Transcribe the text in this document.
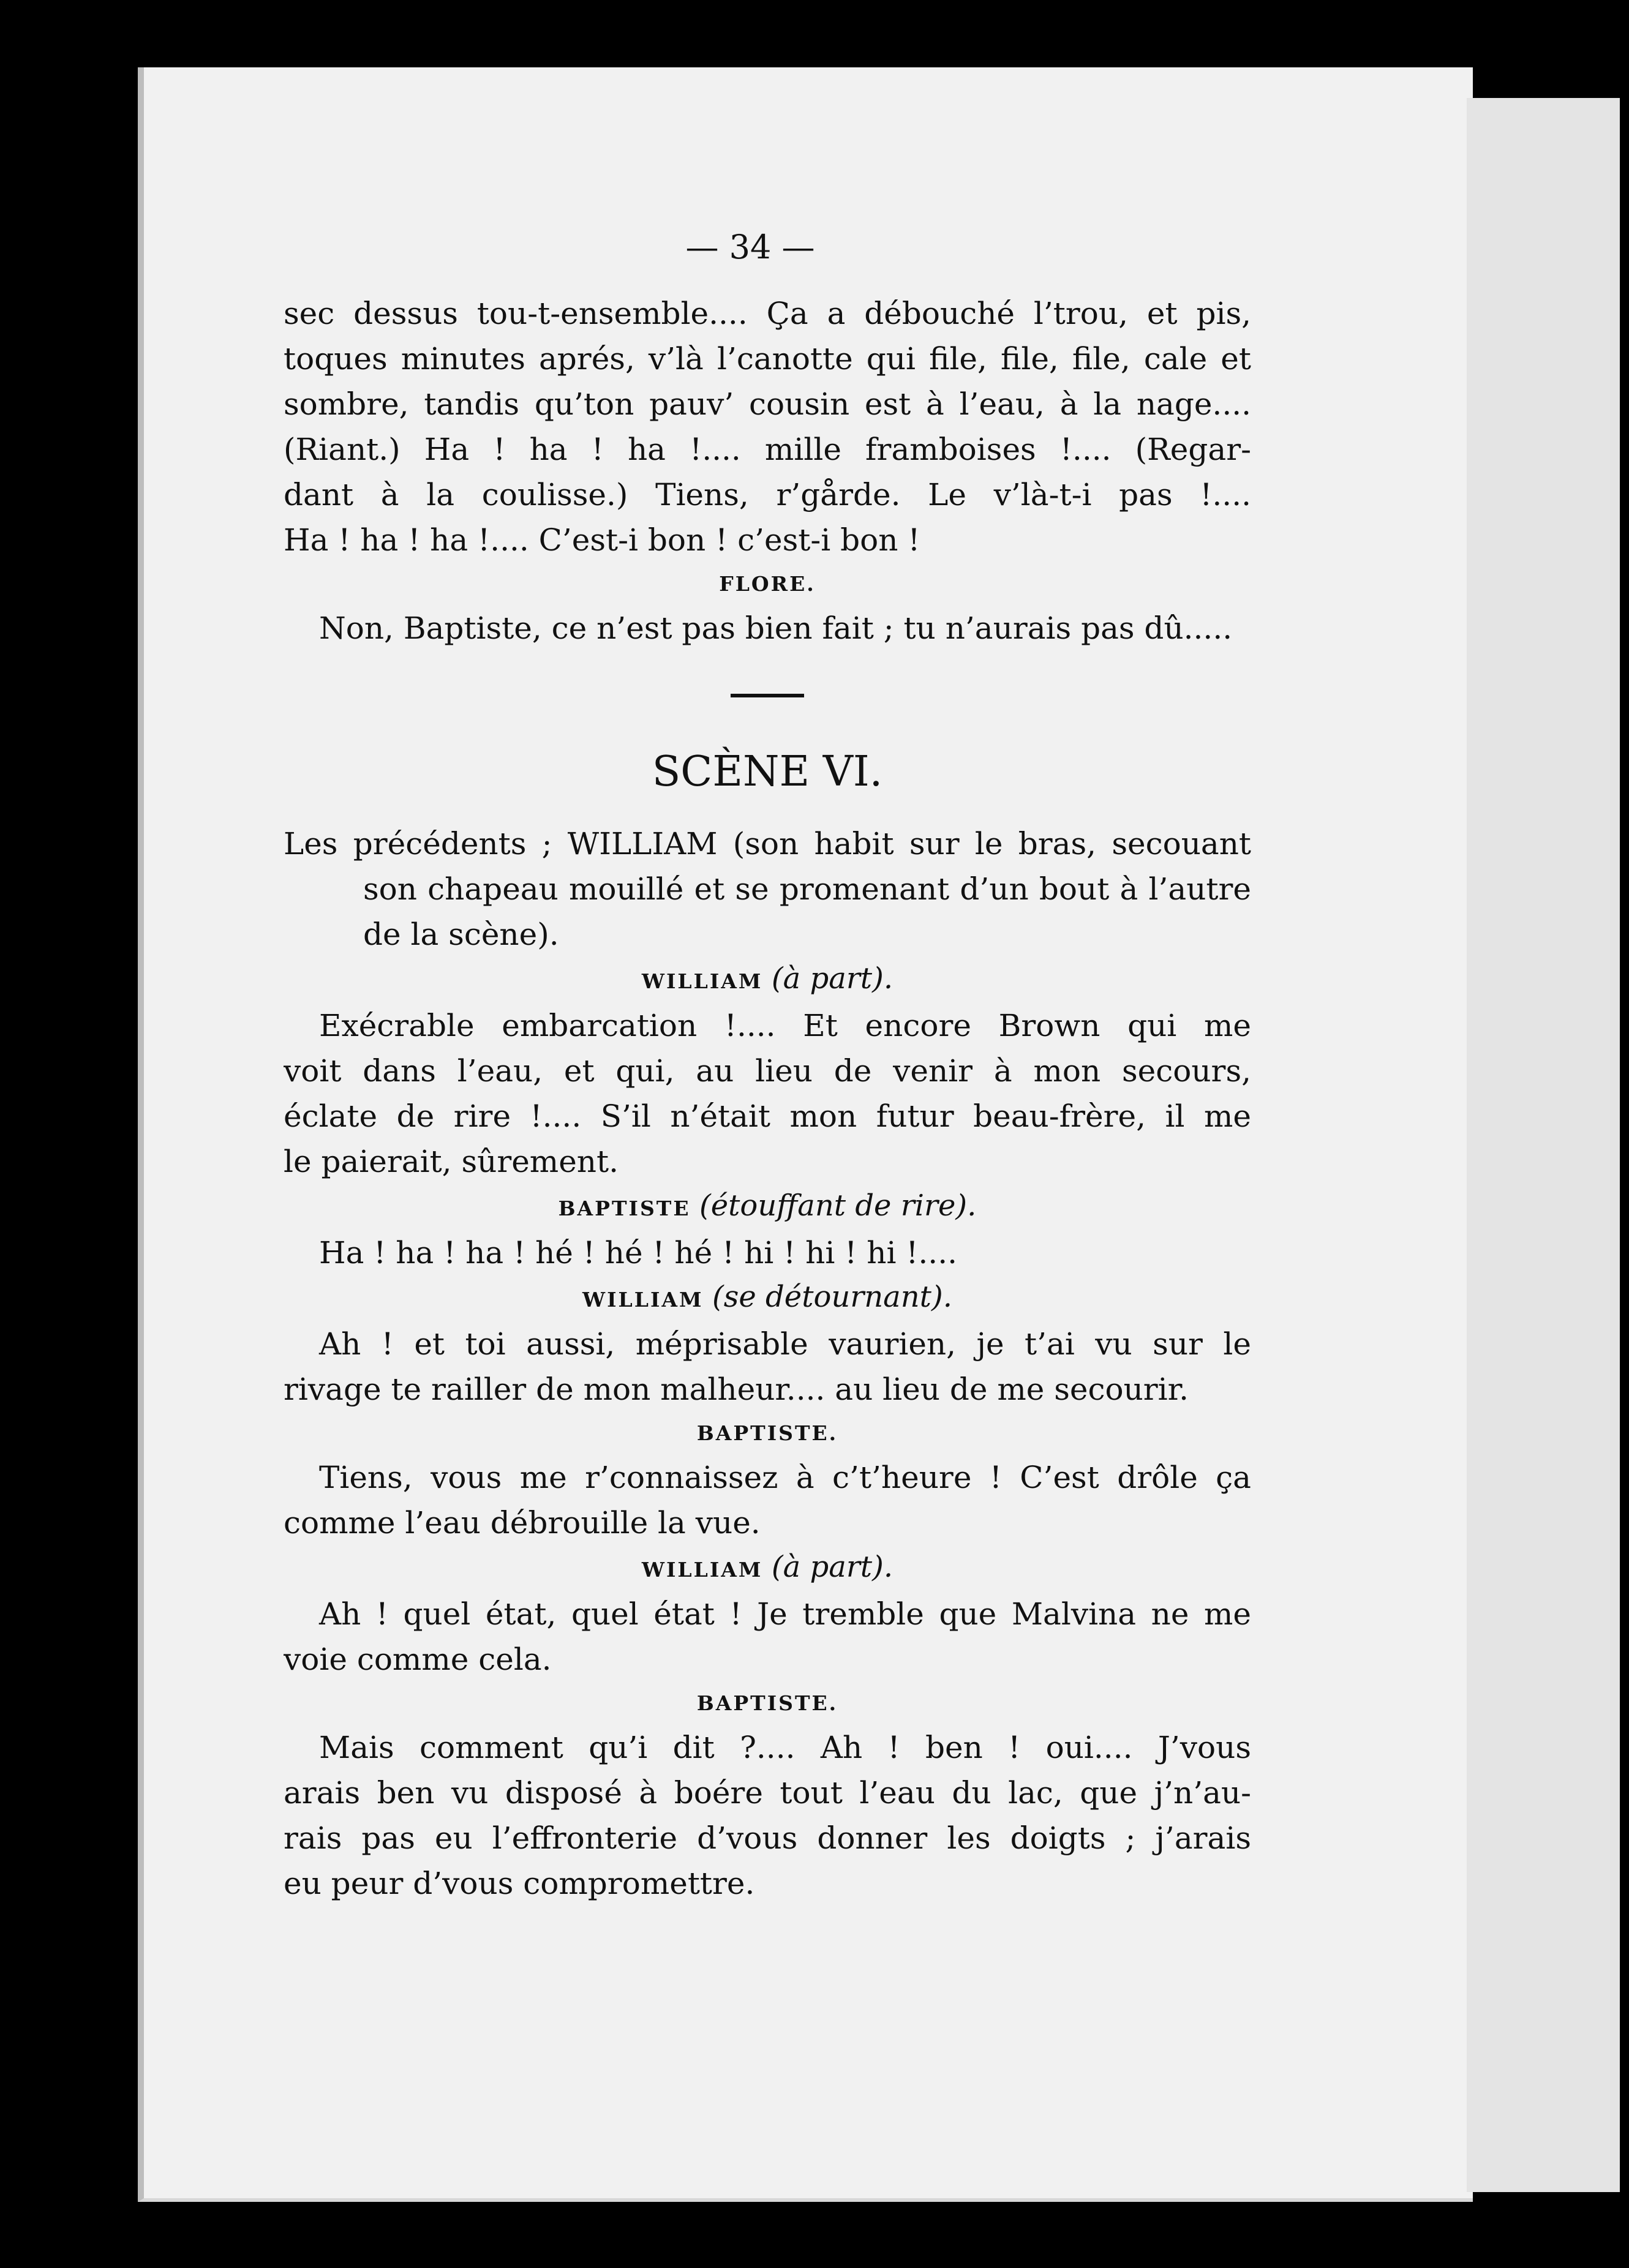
— 34 —
sec dessus tou-t-ensemble.... Ça a débouché l’trou, et pis,
toques minutes aprés, v’là l’canotte qui file, file, file, cale et
sombre, tandis qu’ton pauv’ cousin est à l’eau, à la nage....
(Riant.) Ha ! ha ! ha !.... mille framboises !.... (Regar-
dant à la coulisse.) Tiens, r’gårde. Le v’là-t-i pas !....
Ha ! ha ! ha !.... C’est-i bon ! c’est-i bon !
FLORE.
Non, Baptiste, ce n’est pas bien fait ; tu n’aurais pas dû.....
SCÈNE VI.
Les précédents ; WILLIAM (son habit sur le bras, secouant
son chapeau mouillé et se promenant d’un bout à l’autre
de la scène).
WILLIAM (à part).
Exécrable embarcation !.... Et encore Brown qui me
voit dans l’eau, et qui, au lieu de venir à mon secours,
éclate de rire !.... S’il n’était mon futur beau-frère, il me
le paierait, sûrement.
BAPTISTE (étouffant de rire).
Ha ! ha ! ha ! hé ! hé ! hé ! hi ! hi ! hi !....
WILLIAM (se détournant).
Ah ! et toi aussi, méprisable vaurien, je t’ai vu sur le
rivage te railler de mon malheur.... au lieu de me secourir.
BAPTISTE.
Tiens, vous me r’connaissez à c’t’heure ! C’est drôle ça
comme l’eau débrouille la vue.
WILLIAM (à part).
Ah ! quel état, quel état ! Je tremble que Malvina ne me
voie comme cela.
BAPTISTE.
Mais comment qu’i dit ?.... Ah ! ben ! oui.... J’vous
arais ben vu disposé à boére tout l’eau du lac, que j’n’au-
rais pas eu l’effronterie d’vous donner les doigts ; j’arais
eu peur d’vous compromettre.
